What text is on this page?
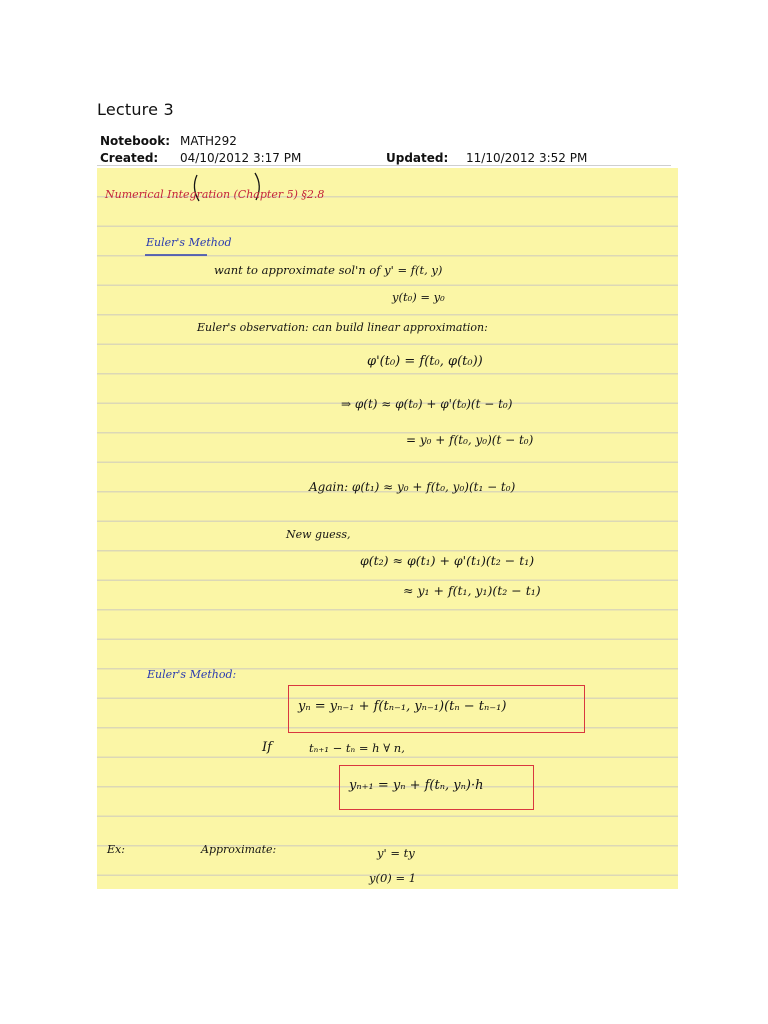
Lecture 3
Notebook: MATH292
Created: 04/10/2012 3:17 PM	Updated: 11/10/2012 3:52 PM
Numerical Integration (Chapter 5) §2.8
Euler's Method
want to approximate sol'n of y' = f(t, y)
y(t₀) = y₀
Euler's observation: can build linear approximation:
φ'(t₀) = f(t₀, φ(t₀))
⇒ φ(t) ≈ φ(t₀) + φ'(t₀)(t − t₀)
= y₀ + f(t₀, y₀)(t − t₀)
Again: φ(t₁) ≈ y₀ + f(t₀, y₀)(t₁ − t₀)
New guess,
φ(t₂) ≈ φ(t₁) + φ'(t₁)(t₂ − t₁)
≈ y₁ + f(t₁, y₁)(t₂ − t₁)
Euler's Method:
yₙ = yₙ₋₁ + f(tₙ₋₁, yₙ₋₁)(tₙ − tₙ₋₁)
If	tₙ₊₁ − tₙ = h ∀ n,
yₙ₊₁ = yₙ + f(tₙ, yₙ)·h
Ex:	Approximate:	y' = ty
y(0) = 1
